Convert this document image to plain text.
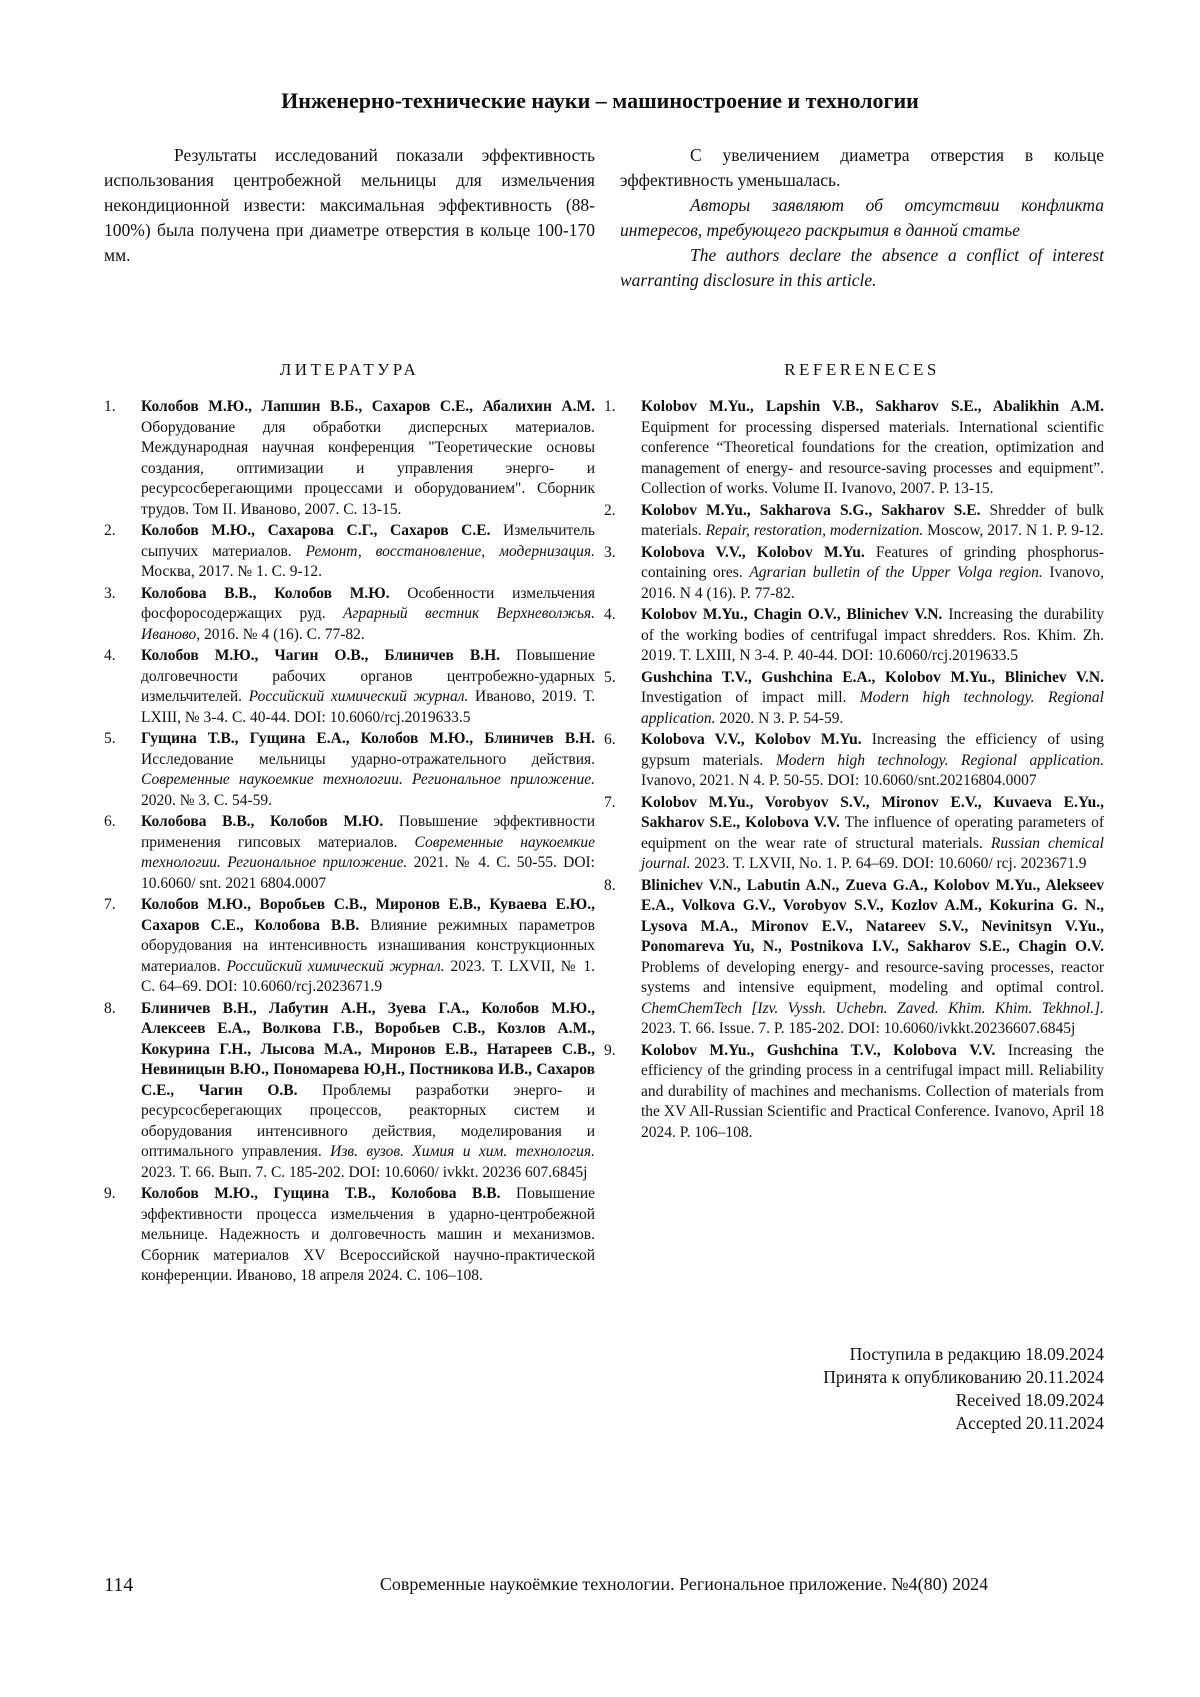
Инженерно-технические науки – машиностроение и технологии

Результаты исследований показали эффективность использования центробежной мельницы для измельчения некондиционной извести: максимальная эффективность (88-100%) была получена при диаметре отверстия в кольце 100-170 мм.

С увеличением диаметра отверстия в кольце эффективность уменьшалась.

Авторы заявляют об отсутствии конфликта интересов, требующего раскрытия в данной статье

The authors declare the absence a conflict of interest warranting disclosure in this article.

ЛИТЕРАТУРА	REFERENECES
1. Колобов М.Ю., Лапшин В.Б., Сахаров С.Е., Абалихин А.М. Оборудование для обработки дисперсных материалов. Международная научная конференция "Теоретические основы создания, оптимизации и управления энерго- и ресурсосберегающими процессами и оборудованием". Сборник трудов. Том II. Иваново, 2007. С. 13-15.
2. Колобов М.Ю., Сахарова С.Г., Сахаров С.Е. Измельчитель сыпучих материалов. Ремонт, восстановление, модернизация. Москва, 2017. № 1. С. 9-12.
3. Колобова В.В., Колобов М.Ю. Особенности измельчения фосфоросодержащих руд. Аграрный вестник Верхневолжья. Иваново, 2016. № 4 (16). С. 77-82.
4. Колобов М.Ю., Чагин О.В., Блиничев В.Н. Повышение долговечности рабочих органов центробежно-ударных измельчителей. Российский химический журнал. Иваново, 2019. Т. LXIII, № 3-4. С. 40-44. DOI: 10.6060/rcj.2019633.5
5. Гущина Т.В., Гущина Е.А., Колобов М.Ю., Блиничев В.Н. Исследование мельницы ударно-отражательного действия. Современные наукоемкие технологии. Региональное приложение. 2020. № 3. С. 54-59.
6. Колобова В.В., Колобов М.Ю. Повышение эффективности применения гипсовых материалов. Современные наукоемкие технологии. Региональное приложение. 2021. № 4. С. 50-55. DOI: 10.6060/ snt. 2021 6804.0007
7. Колобов М.Ю., Воробьев С.В., Миронов Е.В., Куваева Е.Ю., Сахаров С.Е., Колобова В.В. Влияние режимных параметров оборудования на интенсивность изнашивания конструкционных материалов. Российский химический журнал. 2023. Т. LXVII, № 1. С. 64–69. DOI: 10.6060/rcj.2023671.9
8. Блиничев В.Н., Лабутин А.Н., Зуева Г.А., Колобов М.Ю., Алексеев Е.А., Волкова Г.В., Воробьев С.В., Козлов А.М., Кокурина Г.Н., Лысова М.А., Миронов Е.В., Натареев С.В., Невиницын В.Ю., Пономарева Ю,Н., Постникова И.В., Сахаров С.Е., Чагин О.В. Проблемы разработки энерго- и ресурсосберегающих процессов, реакторных систем и оборудования интенсивного действия, моделирования и оптимального управления. Изв. вузов. Химия и хим. технология. 2023. Т. 66. Вып. 7. С. 185-202. DOI: 10.6060/ ivkkt. 20236 607.6845j
9. Колобов М.Ю., Гущина Т.В., Колобова В.В. Повышение эффективности процесса измельчения в ударно-центробежной мельнице. Надежность и долговечность машин и механизмов. Сборник материалов XV Всероссийской научно-практической конференции. Иваново, 18 апреля 2024. С. 106–108.
1. Kolobov M.Yu., Lapshin V.B., Sakharov S.E., Abalikhin A.M. Equipment for processing dispersed materials. International scientific conference “Theoretical foundations for the creation, optimization and management of energy- and resource-saving processes and equipment”. Collection of works. Volume II. Ivanovo, 2007. P. 13-15.
2. Kolobov M.Yu., Sakharova S.G., Sakharov S.E. Shredder of bulk materials. Repair, restoration, modernization. Moscow, 2017. N 1. P. 9-12.
3. Kolobova V.V., Kolobov M.Yu. Features of grinding phosphorus-containing ores. Agrarian bulletin of the Upper Volga region. Ivanovo, 2016. N 4 (16). P. 77-82.
4. Kolobov M.Yu., Chagin O.V., Blinichev V.N. Increasing the durability of the working bodies of centrifugal impact shredders. Ros. Khim. Zh. 2019. T. LXIII, N 3-4. P. 40-44. DOI: 10.6060/rcj.2019633.5
5. Gushchina T.V., Gushchina E.A., Kolobov M.Yu., Blinichev V.N. Investigation of impact mill. Modern high technology. Regional application. 2020. N 3. P. 54-59.
6. Kolobova V.V., Kolobov M.Yu. Increasing the efficiency of using gypsum materials. Modern high technology. Regional application. Ivanovo, 2021. N 4. P. 50-55. DOI: 10.6060/snt.20216804.0007
7. Kolobov M.Yu., Vorobyov S.V., Mironov E.V., Kuvaeva E.Yu., Sakharov S.E., Kolobova V.V. The influence of operating parameters of equipment on the wear rate of structural materials. Russian chemical journal. 2023. T. LXVII, No. 1. P. 64–69. DOI: 10.6060/ rcj. 2023671.9
8. Blinichev V.N., Labutin A.N., Zueva G.A., Kolobov M.Yu., Alekseev E.A., Volkova G.V., Vorobyov S.V., Kozlov A.M., Kokurina G. N., Lysova M.A., Mironov E.V., Natareev S.V., Nevinitsyn V.Yu., Ponomareva Yu, N., Postnikova I.V., Sakharov S.E., Chagin O.V. Problems of developing energy- and resource-saving processes, reactor systems and intensive equipment, modeling and optimal control. ChemChemTech [Izv. Vyssh. Uchebn. Zaved. Khim. Khim. Tekhnol.]. 2023. T. 66. Issue. 7. P. 185-202. DOI: 10.6060/ivkkt.20236607.6845j
9. Kolobov M.Yu., Gushchina T.V., Kolobova V.V. Increasing the efficiency of the grinding process in a centrifugal impact mill. Reliability and durability of machines and mechanisms. Collection of materials from the XV All-Russian Scientific and Practical Conference. Ivanovo, April 18 2024. P. 106–108.
Поступила в редакцию 18.09.2024
Принята к опубликованию 20.11.2024
Received 18.09.2024
Accepted 20.11.2024
114	Современные наукоёмкие технологии. Региональное приложение. №4(80) 2024
